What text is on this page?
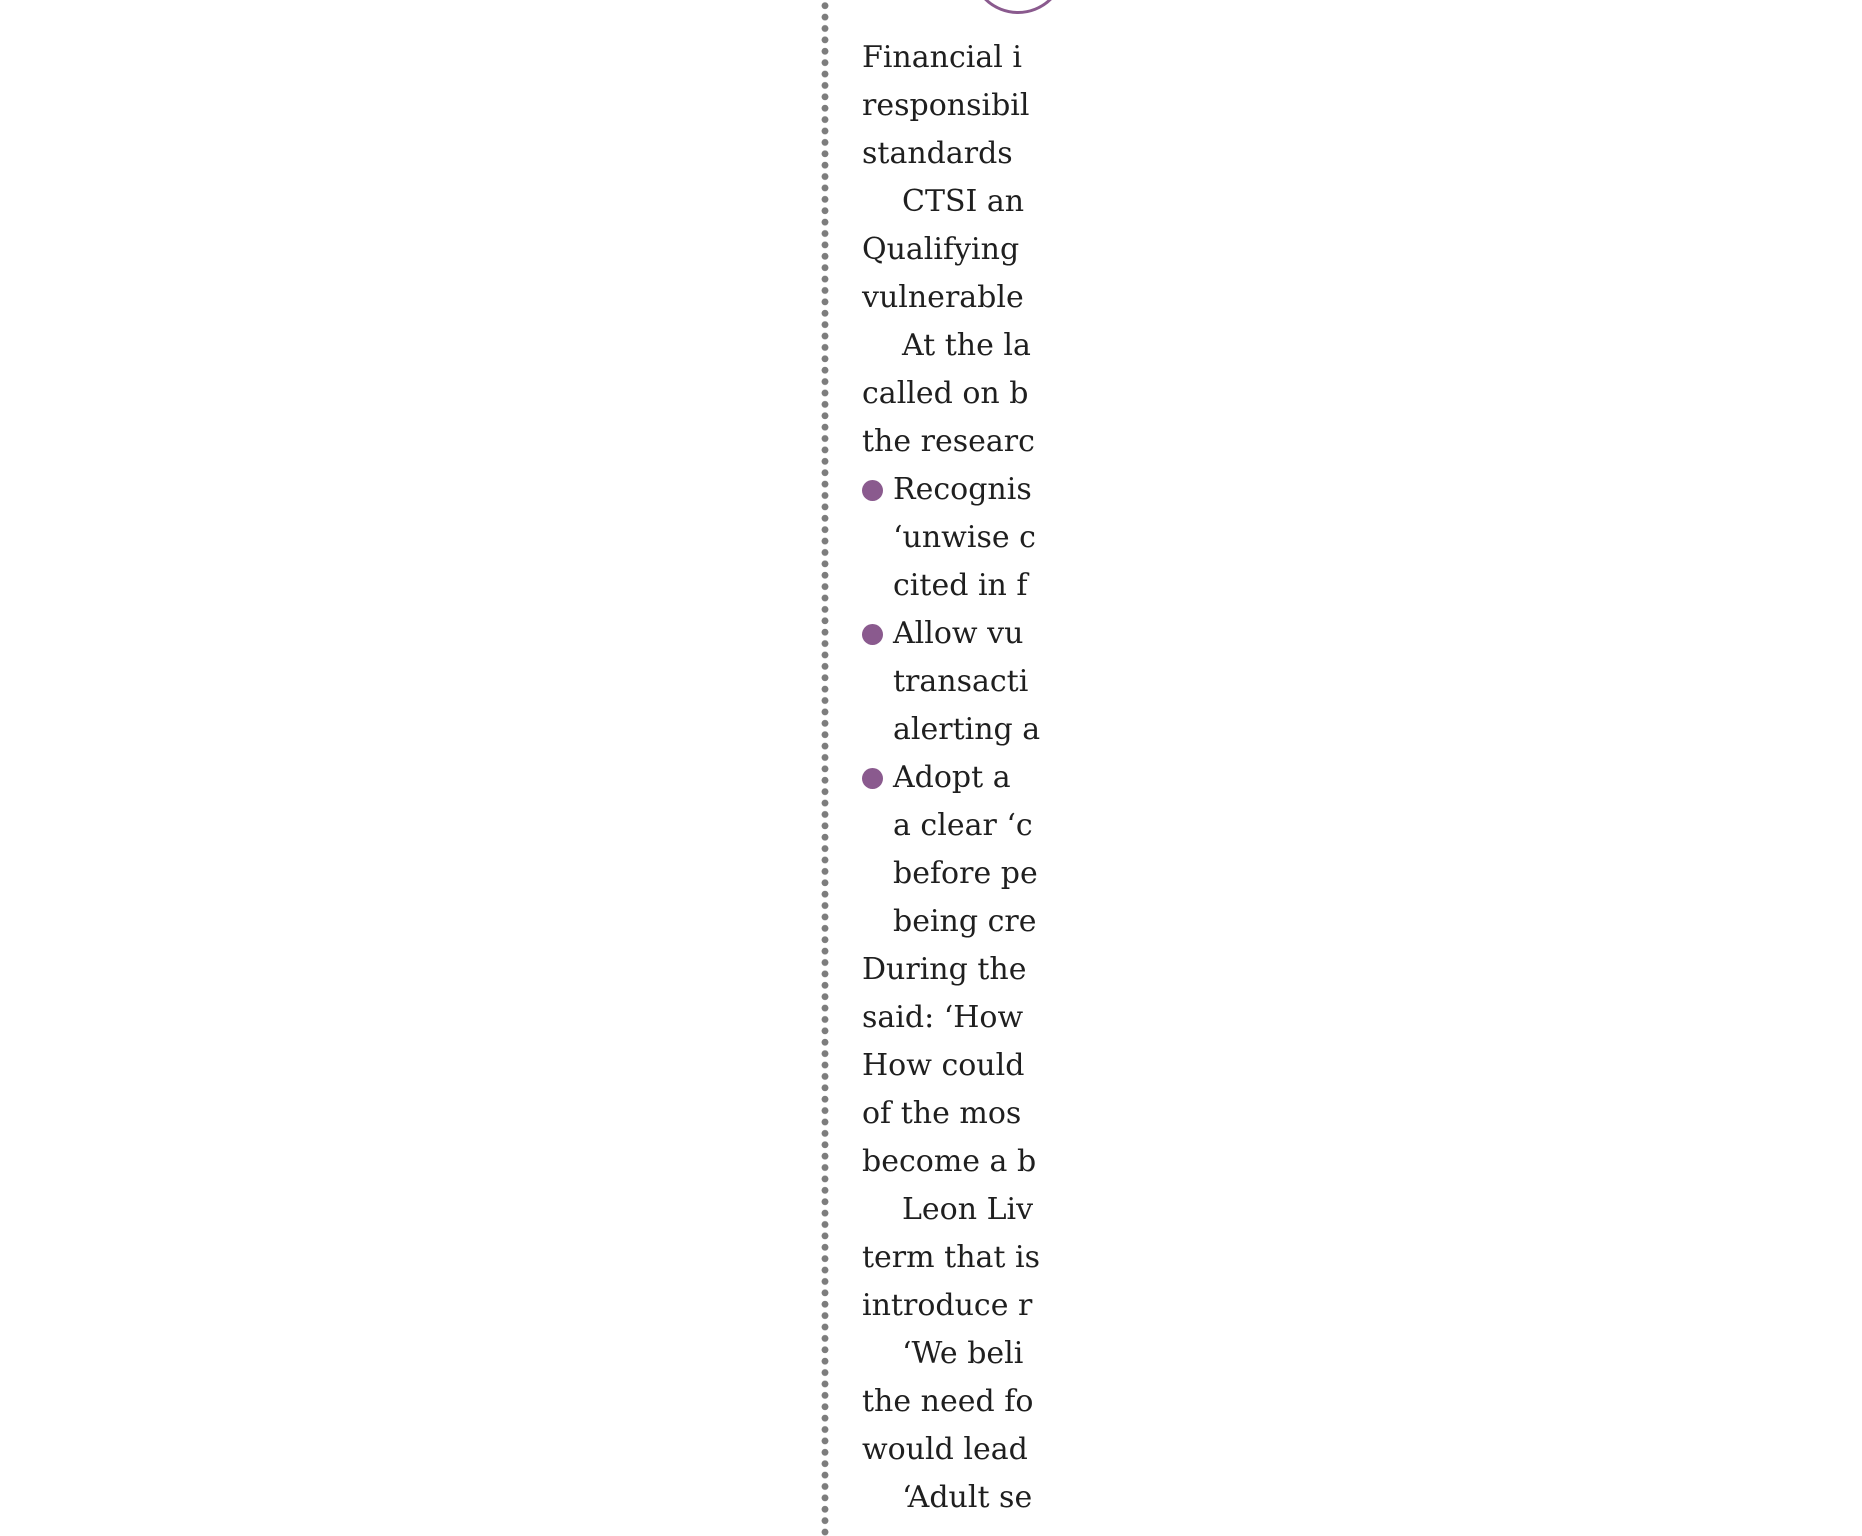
Financial i
responsibil
standards
CTSI an
Qualifying
vulnerable
At the la
called on b
the researc
Recognis
‘unwise c
cited in f
Allow vu
transacti
alerting a
Adopt a
a clear ‘c
before pe
being cre
During the
said: ‘How
How could
of the mos
become a b
Leon Liv
term that is
introduce r
‘We beli
the need fo
would lead
‘Adult se
